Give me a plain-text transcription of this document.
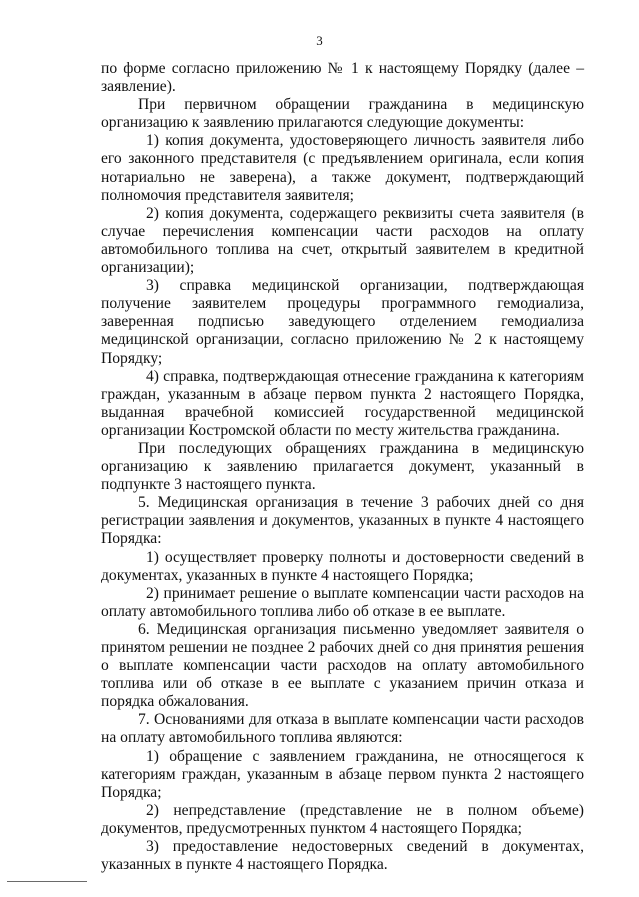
3

по форме согласно приложению № 1 к настоящему Порядку (далее – заявление).

При первичном обращении гражданина в медицинскую организацию к заявлению прилагаются следующие документы:

1) копия документа, удостоверяющего личность заявителя либо его законного представителя (с предъявлением оригинала, если копия нотариально не заверена), а также документ, подтверждающий полномочия представителя заявителя;

2) копия документа, содержащего реквизиты счета заявителя (в случае перечисления компенсации части расходов на оплату автомобильного топлива на счет, открытый заявителем в кредитной организации);

3) справка медицинской организации, подтверждающая получение заявителем процедуры программного гемодиализа, заверенная подписью заведующего отделением гемодиализа медицинской организации, согласно приложению № 2 к настоящему Порядку;

4) справка, подтверждающая отнесение гражданина к категориям граждан, указанным в абзаце первом пункта 2 настоящего Порядка, выданная врачебной комиссией государственной медицинской организации Костромской области по месту жительства гражданина.

При последующих обращениях гражданина в медицинскую организацию к заявлению прилагается документ, указанный в подпункте 3 настоящего пункта.

5. Медицинская организация в течение 3 рабочих дней со дня регистрации заявления и документов, указанных в пункте 4 настоящего Порядка:

1) осуществляет проверку полноты и достоверности сведений в документах, указанных в пункте 4 настоящего Порядка;

2) принимает решение о выплате компенсации части расходов на оплату автомобильного топлива либо об отказе в ее выплате.

6. Медицинская организация письменно уведомляет заявителя о принятом решении не позднее 2 рабочих дней со дня принятия решения о выплате компенсации части расходов на оплату автомобильного топлива или об отказе в ее выплате с указанием причин отказа и порядка обжалования.

7. Основаниями для отказа в выплате компенсации части расходов на оплату автомобильного топлива являются:

1) обращение с заявлением гражданина, не относящегося к категориям граждан, указанным в абзаце первом пункта 2 настоящего Порядка;

2) непредставление (представление не в полном объеме) документов, предусмотренных пунктом 4 настоящего Порядка;

3) предоставление недостоверных сведений в документах, указанных в пункте 4 настоящего Порядка.
